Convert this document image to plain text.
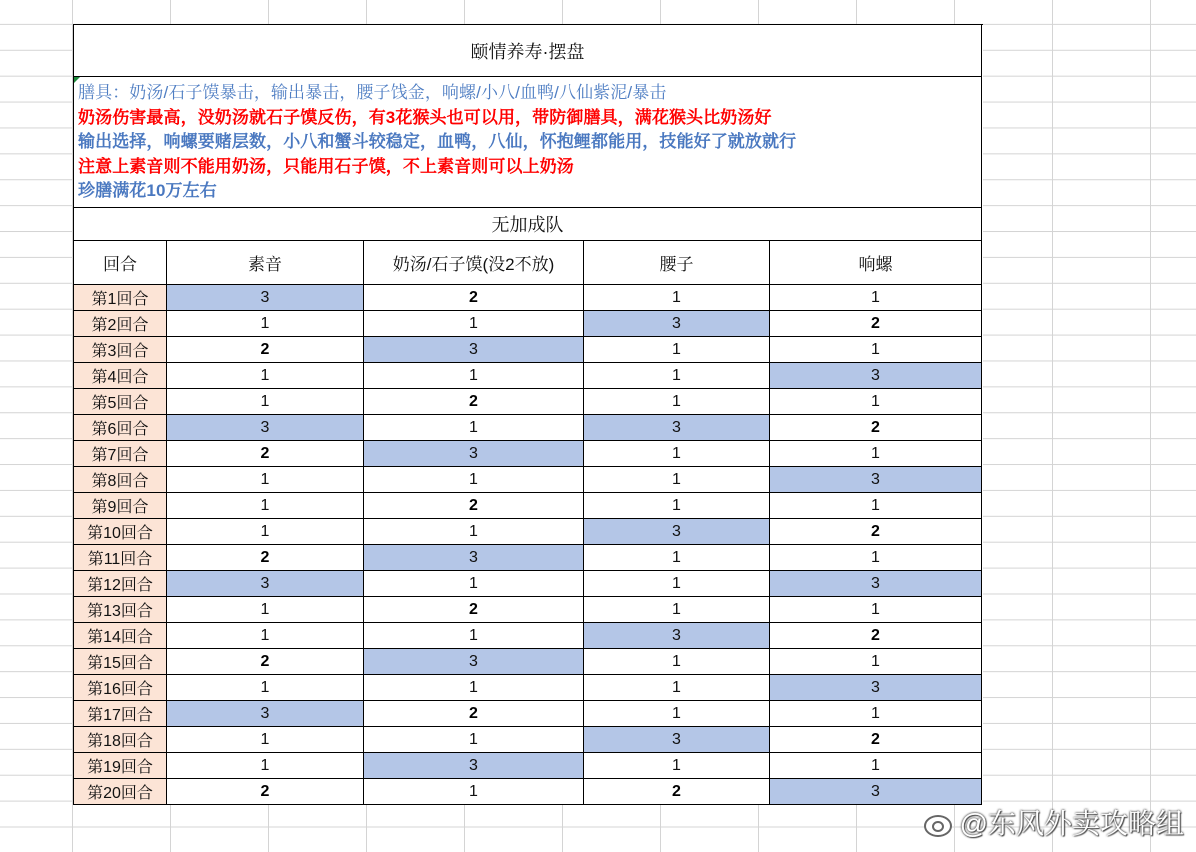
颐情养寿·摆盘
膳具：奶汤/石子馍暴击，输出暴击，腰子饯金，响螺/小八/血鸭/八仙紫泥/暴击
奶汤伤害最高，没奶汤就石子馍反伤，有3花猴头也可以用，带防御膳具，满花猴头比奶汤好
输出选择，响螺要赌层数，小八和蟹斗较稳定，血鸭，八仙，怀抱鲤都能用，技能好了就放就行
注意上素音则不能用奶汤，只能用石子馍，不上素音则可以上奶汤
珍膳满花10万左右
无加成队
回合	素音	奶汤/石子馍(没2不放)	腰子	响螺
第1回合	3	2	1	1
第2回合	1	1	3	2
第3回合	2	3	1	1
第4回合	1	1	1	3
第5回合	1	2	1	1
第6回合	3	1	3	2
第7回合	2	3	1	1
第8回合	1	1	1	3
第9回合	1	2	1	1
第10回合	1	1	3	2
第11回合	2	3	1	1
第12回合	3	1	1	3
第13回合	1	2	1	1
第14回合	1	1	3	2
第15回合	2	3	1	1
第16回合	1	1	1	3
第17回合	3	2	1	1
第18回合	1	1	3	2
第19回合	1	3	1	1
第20回合	2	1	2	3
@东风外卖攻略组
